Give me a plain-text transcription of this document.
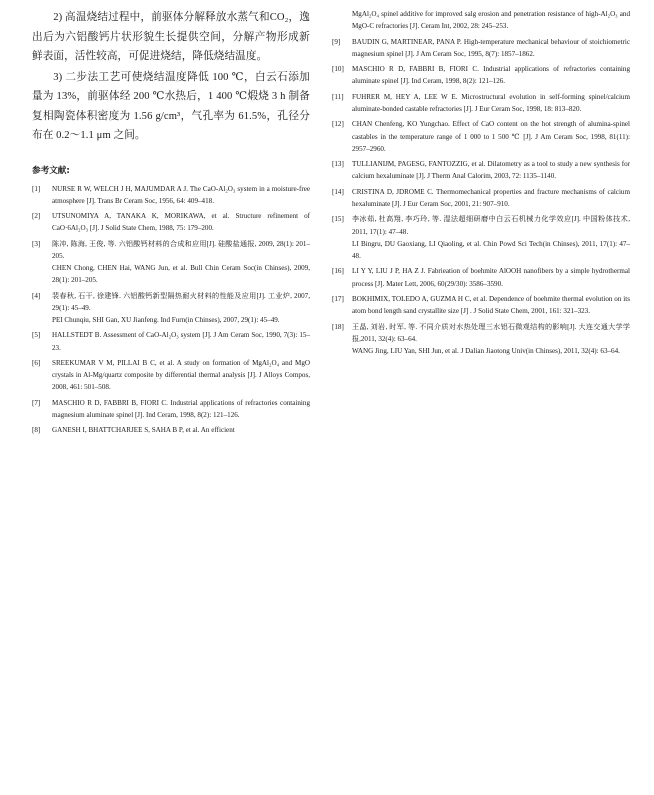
2) 高温烧结过程中，前驱体分解释放水蒸气和CO₂，逸出后为六铝酸钙片状形貌生长提供空间，分解产物形成新鲜表面，活性较高，可促进烧结，降低烧结温度。

3) 二步法工艺可使烧结温度降低 100 ℃，白云石添加量为 13%，前驱体经 200 ℃水热后，1 400 ℃煅烧 3 h 制备复相陶瓷体积密度为 1.56 g/cm³，气孔率为 61.5%，孔径分布在 0.2～1.1 μm 之间。

参考文献:
[1]	NURSE R W, WELCH J H, MAJUMDAR A J. The CaO-Al₂O₃ system in a moisture-free atmosphere [J]. Trans Br Ceram Soc, 1956, 64: 409–418.
[2]	UTSUNOMIYA A, TANAKA K, MORIKAWA, et al. Structure refinement of CaO·6Al₂O₃ [J]. J Solid State Chem, 1988, 75: 179–200.
[3]	陈冲, 陈海, 王俊, 等. 六铝酸钙材料的合成和应用[J]. 硅酸盐通报, 2009, 28(1): 201–205.
CHEN Chong, CHEN Hai, WANG Jun, et al. Bull Chin Ceram Soc(in Chinses), 2009, 28(1): 201–205.
[4]	裴春秋, 石干, 徐建锋. 六铝酸钙新型隔热耐火材料的性能及应用[J]. 工业炉, 2007, 29(1): 45–49.
PEI Chunqiu, SHI Gan, XU Jianfeng. Ind Furn(in Chinses), 2007, 29(1): 45–49.
[5]	HALLSTEDT B. Assessment of CaO-Al₂O₃ system [J]. J Am Ceram Soc, 1990, 7(3): 15–23.
[6]	SREEKUMAR V M, PILLAI B C, et al. A study on formation of MgAl₂O₄ and MgO crystals in Al-Mg/quartz composite by differential thermal analysis [J]. J Alloys Compos, 2008, 461: 501–508.
[7]	MASCHIO R D, FABBRI B, FIORI C. Industrial applications of refractories containing magnesium aluminate spinel [J]. Ind Ceram, 1998, 8(2): 121–126.
[8]	GANESH I, BHATTCHARJEE S, SAHA B P, et al. An efficient
MgAl₂O₄ spinel additive for improved salg erosion and penetration resistance of high-Al₂O₃ and MgO-C refractories [J]. Ceram Int, 2002, 28: 245–253.
[9]	BAUDIN G, MARTINEAR, PANA P. High-temperature mechanical behaviour of stoichiometric magnesium spinel [J]. J Am Ceram Soc, 1995, 8(7): 1857–1862.
[10]	MASCHIO R D, FABBRI B, FIORI C. Industrial applications of refractories containing aluminate spinel [J]. Ind Ceram, 1998, 8(2): 121–126.
[11]	FUHRER M, HEY A, LEE W E. Microstructural evolution in self-forming spinel/calcium aluminate-bonded castable refractories [J]. J Eur Ceram Soc, 1998, 18: 813–820.
[12]	CHAN Chenfeng, KO Yungchao. Effect of CaO content on the hot strength of alumina-spinel castables in the temperature range of 1 000 to 1 500 ℃ [J]. J Am Ceram Soc, 1998, 81(11): 2957–2960.
[13]	TULLIANIJM, PAGESG, FANTOZZIG, et al. Dilatometry as a tool to study a new synthesis for calcium hexaluminate [J]. J Therm Anal Calorim, 2003, 72: 1135–1140.
[14]	CRISTINA D, JDROME C. Thermomechanical properties and fracture mechanisms of calcium hexaluminate [J]. J Eur Ceram Soc, 2001, 21: 907–910.
[15]	李冰茹, 杜高翔, 李巧玲, 等. 湿法超细研磨中白云石机械力化学效应[J]. 中国粉体技术, 2011, 17(1): 47–48.
LI Bingru, DU Gaoxiang, LI Qiaoling, et al. Chin Powd Sci Tech(in Chinses), 2011, 17(1): 47–48.
[16]	LI Y Y, LIU J P, HA Z J. Fabrieation of boehmite AlOOH nanofibers by a simple hydrothermal process [J]. Mater Lett, 2006, 60(29/30): 3586–3590.
[17]	BOKHIMIX, TOLEDO A, GUZMA H C, et al. Dependence of boehmite thermal evolution on its atom bond length sand crystallite size [J] . J Solid State Chem, 2001, 161: 321–323.
[18]	王晶, 刘岩, 时军, 等. 不同介质对水热处理三水铝石微观结构的影响[J]. 大连交通大学学报,2011, 32(4): 63–64.
WANG Jing, LIU Yan, SHI Jun, et al. J Dalian Jiaotong Univ(in Chinses), 2011, 32(4): 63–64.
